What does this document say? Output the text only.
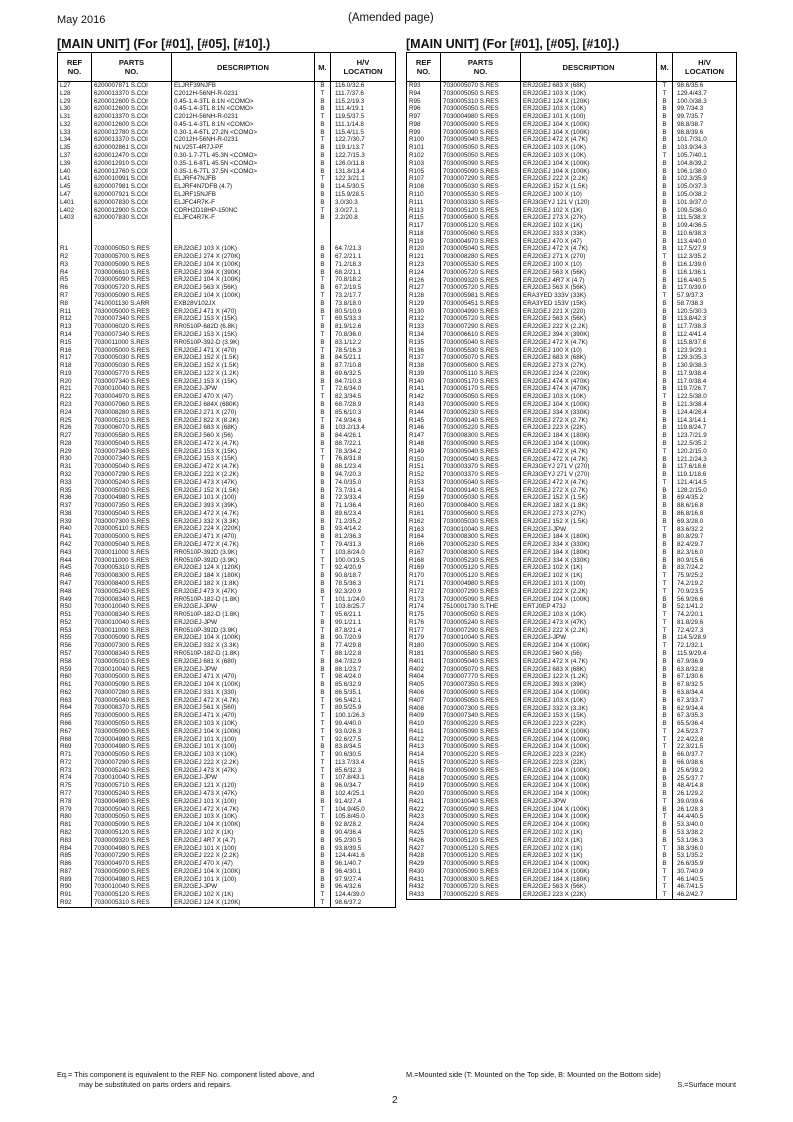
May 2016	(Amended page)
[MAIN UNIT] (For [#01], [#05], [#10].)	[MAIN UNIT] (For [#01], [#05], [#10].)
REF
NO.	PARTS
NO.	DESCRIPTION	M.	H/V
LOCATION
L27	6200007871 S.COI	ELJRF39NJFB	B	116.0/32.6
L28	6200013370 S.COI	C2012H-56NH-R-0231	T	111.7/37.6
L29	6200012600 S.COI	0.45-1.4-3TL 8.1N <COMO>	B	115.2/19.3
L30	6200012600 S.COI	0.45-1.4-3TL 8.1N <COMO>	B	111.4/19.1
L31	6200013370 S.COI	C2012H-56NH-R-0231	T	119.5/37.5
L32	6200012600 S.COI	0.45-1.4-3TL 8.1N <COMO>	B	111.1/14.8
L33	6200012780 S.COI	0.30-1.4-6TL 27.2N <COMO>	B	115.4/11.5
L34	6200013370 S.COI	C2012H-56NH-R-0231	T	122.7/30.7
L35	6200002861 S.COI	NLV25T-4R7J-PF	B	119.1/13.7
L37	6200012470 S.COI	0.30-1.7-7TL 45.3N <COMO>	B	122.7/15.3
L39	6200012910 S.COI	0.35-1.6-8TL 45.5N <COMO>	B	126.0/11.8
L40	6200012760 S.COI	0.35-1.6-7TL 37.5N <COMO>	B	131.8/13.4
L41	6200010991 S.COI	ELJRF47NJFB	T	122.3/21.1
L45	6200007981 S.COI	ELJRF4N7DFB (4.7)	B	114.5/30.5
L47	6200007921 S.COI	ELJRF15NJFB	B	115.9/28.5
L401	6200007830 S.COI	ELJFC4R7K-F	B	3.0/30.3
L402	6200012900 S.COI	CDRH2D18HP-150NC	T	3.0/27.1
L403	6200007830 S.COI	ELJFC4R7K-F	B	2.2/20.8

R1	7030005050 S.RES	ERJ2GEJ 103 X (10K)	B	64.7/21.3
R2	7030005700 S.RES	ERJ2GEJ 274 X (270K)	B	67.2/21.1
R3	7030005090 S.RES	ERJ2GEJ 104 X (100K)	B	71.2/18.3
R4	7030006610 S.RES	ERJ2GEJ 394 X (390K)	B	68.2/21.1
R5	7030005090 S.RES	ERJ2GEJ 104 X (100K)	T	70.8/18.2
R6	7030005720 S.RES	ERJ2GEJ 563 X (56K)	B	67.2/19.5
R7	7030005090 S.RES	ERJ2GEJ 104 X (100K)	T	73.2/17.7
R8	7410001130 S.ARR	EXB28V102JX	B	73.8/18.0
R11	7030005000 S.RES	ERJ2GEJ 471 X (470)	B	80.5/10.9
R12	7030007340 S.RES	ERJ2GEJ 153 X (15K)	T	69.5/33.3
R13	7030006020 S.RES	RR0510P-682D (6.8K)	B	81.9/12.6
R14	7030007340 S.RES	ERJ2GEJ 153 X (15K)	T	70.8/36.0
R15	7030011000 S.RES	RR0510P-392-D (3.9K)	B	83.1/12.2
R16	7030005000 S.RES	ERJ2GEJ 471 X (470)	T	78.5/16.3
R17	7030005030 S.RES	ERJ2GEJ 152 X (1.5K)	B	84.5/21.1
R18	7030005030 S.RES	ERJ2GEJ 152 X (1.5K)	B	87.7/10.8
R19	7030005770 S.RES	ERJ2GEJ 122 X (1.2K)	B	69.6/32.5
R20	7030007340 S.RES	ERJ2GEJ 153 X (15K)	B	84.7/10.3
R21	7030010040 S.RES	ERJ2GEJ-JPW	T	72.6/34.0
R22	7030004970 S.RES	ERJ2GEJ 470 X (47)	T	82.3/34.5
R23	7030007060 S.RES	ERJ2GEJ 684X (680K)	B	68.7/28.9
R24	7030008280 S.RES	ERJ2GEJ 271 X (270)	B	85.6/10.3
R25	7030005210 S.RES	ERJ2GEJ 822 X (8.2K)	T	74.9/34.6
R26	7030006070 S.RES	ERJ2GEJ 683 X (68K)	B	103.2/13.4
R27	7030005580 S.RES	ERJ2GEJ 560 X (56)	B	84.4/26.1
R28	7030005040 S.RES	ERJ2GEJ 472 X (4.7K)	B	88.7/22.1
R29	7030007340 S.RES	ERJ2GEJ 153 X (15K)	T	78.3/34.2
R30	7030007340 S.RES	ERJ2GEJ 153 X (15K)	T	76.8/31.8
R31	7030005040 S.RES	ERJ2GEJ 472 X (4.7K)	B	88.1/23.4
R32	7030007290 S.RES	ERJ2GEJ 222 X (2.2K)	B	94.7/20.3
R33	7030005240 S.RES	ERJ2GEJ 473 X (47K)	B	74.0/35.0
R35	7030005030 S.RES	ERJ2GEJ 152 X (1.5K)	B	73.7/31.4
R36	7030004980 S.RES	ERJ2GEJ 101 X (100)	B	72.3/33.4
R37	7030007350 S.RES	ERJ2GEJ 393 X (39K)	B	71.1/36.4
R38	7030005040 S.RES	ERJ2GEJ 472 X (4.7K)	B	89.6/23.4
R39	7030007300 S.RES	ERJ2GEJ 332 X (3.3K)	B	71.2/35.2
R40	7030005110 S.RES	ERJ2GEJ 224 X (220K)	B	93.4/14.2
R41	7030005000 S.RES	ERJ2GEJ 471 X (470)	B	81.2/36.3
R42	7030005040 S.RES	ERJ2GEJ 472 X (4.7K)	T	79.4/31.3
R43	7030011000 S.RES	RR0510P-392D (3.9K)	T	103.8/24.0
R44	7030011000 S.RES	RR0510P-392D (3.9K)	T	100.0/19.5
R45	7030005310 S.RES	ERJ2GEJ 124 X (120K)	T	92.4/20.9
R46	7030008300 S.RES	ERJ2GEJ 184 X (180K)	B	90.8/18.7
R47	7030008400 S.RES	ERJ2GEJ 182 X (1.8K)	B	78.5/36.3
R48	7030005240 S.RES	ERJ2GEJ 473 X (47K)	B	92.3/20.9
R49	7030008340 S.RES	RR0510P-182-D (1.8K)	T	101.1/24.0
R50	7030010040 S.RES	ERJ2GEJ-JPW	T	103.8/25.7
R51	7030008340 S.RES	RR0510P-182-D (1.8K)	T	95.6/21.1
R52	7030010040 S.RES	ERJ2GEJ-JPW	B	99.1/21.1
R53	7030011000 S.RES	RR0510P-392D (3.9K)	T	87.8/21.4
R55	7030005090 S.RES	ERJ2GEJ 104 X (100K)	B	90.7/20.9
R56	7030007300 S.RES	ERJ2GEJ 332 X (3.3K)	B	77.4/29.8
R57	7030008340 S.RES	RR0510P-182-D (1.8K)	T	88.1/22.8
R58	7030005010 S.RES	ERJ2GEJ 681 X (680)	B	84.7/32.9
R59	7030010040 S.RES	ERJ2GEJ-JPW	B	88.1/23.7
R60	7030005000 S.RES	ERJ2GEJ 471 X (470)	T	98.4/24.0
R61	7030005090 S.RES	ERJ2GEJ 104 X (100K)	B	85.6/32.9
R62	7030007280 S.RES	ERJ2GEJ 331 X (330)	B	86.5/35.1
R63	7030005040 S.RES	ERJ2GEJ 472 X (4.7K)	T	96.5/42.1
R64	7030008370 S.RES	ERJ2GEJ 561 X (560)	T	89.5/25.9
R65	7030005000 S.RES	ERJ2GEJ 471 X (470)	T	100.1/26.3
R66	7030005050 S.RES	ERJ2GEJ 103 X (10K)	T	99.4/40.0
R67	7030005090 S.RES	ERJ2GEJ 104 X (100K)	T	93.0/26.3
R68	7030004980 S.RES	ERJ2GEJ 101 X (100)	T	92.6/27.5
R69	7030004980 S.RES	ERJ2GEJ 101 X (100)	B	83.8/34.5
R71	7030005050 S.RES	ERJ2GEJ 103 X (10K)	T	90.6/30.5
R72	7030007290 S.RES	ERJ2GEJ 222 X (2.2K)	T	113.7/33.4
R73	7030005240 S.RES	ERJ2GEJ 473 X (47K)	T	85.6/32.3
R74	7030010040 S.RES	ERJ2GEJ-JPW	T	107.8/43.1
R75	7030005710 S.RES	ERJ2GEJ 121 X (120)	B	96.0/34.7
R77	7030005240 S.RES	ERJ2GEJ 473 X (47K)	B	102.4/25.1
R78	7030004980 S.RES	ERJ2GEJ 101 X (100)	B	91.4/27.4
R79	7030005040 S.RES	ERJ2GEJ 472 X (4.7K)	T	104.9/45.0
R80	7030005050 S.RES	ERJ2GEJ 103 X (10K)	T	105.8/45.0
R81	7030005090 S.RES	ERJ2GEJ 104 X (100K)	B	92.8/28.2
R82	7030005120 S.RES	ERJ2GEJ 102 X (1K)	B	90.4/36.4
R83	7030009320 S.RES	ERJ2GEJ 4R7 X (4.7)	B	95.2/30.5
R84	7030004980 S.RES	ERJ2GEJ 101 X (100)	B	93.8/39.5
R85	7030007290 S.RES	ERJ2GEJ 222 X (2.2K)	B	124.4/41.6
R86	7030004970 S.RES	ERJ2GEJ 470 X (47)	B	96.1/40.7
R87	7030005090 S.RES	ERJ2GEJ 104 X (100K)	B	96.4/30.1
R89	7030004980 S.RES	ERJ2GEJ 101 X (100)	B	97.9/27.4
R90	7030010040 S.RES	ERJ2GEJ-JPW	B	96.4/32.6
R91	7030005120 S.RES	ERJ2GEJ 102 X (1K)	T	124.4/39.0
R92	7030005310 S.RES	ERJ2GEJ 124 X (120K)	T	98.6/37.2
REF
NO.	PARTS
NO.	DESCRIPTION	M.	H/V
LOCATION
R93	7030005070 S.RES	ERJ2GEJ 683 X (68K)	T	98.6/35.6
R94	7030005050 S.RES	ERJ2GEJ 103 X (10K)	T	129.4/43.7
R95	7030005310 S.RES	ERJ2GEJ 124 X (120K)	B	100.0/38.3
R96	7030005050 S.RES	ERJ2GEJ 103 X (10K)	B	99.7/34.3
R97	7030004980 S.RES	ERJ2GEJ 101 X (100)	B	99.7/35.7
R98	7030005090 S.RES	ERJ2GEJ 104 X (100K)	B	98.8/38.7
R99	7030005090 S.RES	ERJ2GEJ 104 X (100K)	B	98.8/39.6
R100	7030005040 S.RES	ERJ2GEJ 472 X (4.7K)	B	101.7/31.0
R101	7030005050 S.RES	ERJ2GEJ 103 X (10K)	B	103.9/34.3
R102	7030005050 S.RES	ERJ2GEJ 103 X (10K)	T	105.7/40.1
R103	7030005090 S.RES	ERJ2GEJ 104 X (100K)	B	104.8/39.2
R105	7030005090 S.RES	ERJ2GEJ 104 X (100K)	B	106.1/38.0
R107	7030007290 S.RES	ERJ2GEJ 222 X (2.2K)	B	102.3/35.9
R108	7030005030 S.RES	ERJ2GEJ 152 X (1.5K)	B	105.0/37.3
R110	7030005530 S.RES	ERJ2GEJ 100 X (10)	B	105.0/38.2
R111	7030003330 S.RES	ERJ3GEYJ 121 V (120)	B	101.9/37.0
R113	7030005120 S.RES	ERJ2GEJ 102 X (1K)	B	109.5/36.0
R115	7030005600 S.RES	ERJ2GEJ 273 X (27K)	B	111.5/38.3
R117	7030005120 S.RES	ERJ2GEJ 102 X (1K)	B	109.4/36.5
R118	7030005060 S.RES	ERJ2GEJ 333 X (33K)	B	110.6/38.3
R119	7030004970 S.RES	ERJ2GEJ 470 X (47)	B	113.4/40.0
R120	7030005040 S.RES	ERJ2GEJ 472 X (4.7K)	B	117.5/27.9
R121	7030008280 S.RES	ERJ2GEJ 271 X (270)	T	112.3/35.2
R123	7030005530 S.RES	ERJ2GEJ 100 X (10)	B	116.1/39.0
R124	7030005720 S.RES	ERJ2GEJ 563 X (56K)	B	116.1/36.1
R126	7030009320 S.RES	ERJ2GEJ 4R7 X (4.7)	B	116.4/40.5
R127	7030005720 S.RES	ERJ2GEJ 563 X (56K)	B	117.0/39.0
R128	7030005981 S.RES	ERA3YED 333V (33K)	T	57.9/37.3
R129	7030005451 S.RES	ERA3YED 153V (15K)	B	58.7/38.3
R130	7030004990 S.RES	ERJ2GEJ 221 X (220)	B	120.5/30.3
R132	7030005720 S.RES	ERJ2GEJ 563 X (56K)	B	113.8/42.3
R133	7030007290 S.RES	ERJ2GEJ 222 X (2.2K)	B	117.7/38.3
R134	7030006610 S.RES	ERJ2GEJ 394 X (390K)	B	112.4/41.4
R135	7030005040 S.RES	ERJ2GEJ 472 X (4.7K)	B	115.8/37.6
R136	7030005530 S.RES	ERJ2GEJ 100 X (10)	B	123.9/29.1
R137	7030005070 S.RES	ERJ2GEJ 683 X (68K)	B	129.3/35.3
R138	7030005600 S.RES	ERJ2GEJ 273 X (27K)	B	130.9/38.3
R139	7030005110 S.RES	ERJ2GEJ 224 X (220K)	B	117.9/38.4
R140	7030005170 S.RES	ERJ2GEJ 474 X (470K)	B	117.0/38.4
R141	7030005170 S.RES	ERJ2GEJ 474 X (470K)	B	119.7/26.7
R142	7030005050 S.RES	ERJ2GEJ 103 X (10K)	T	122.5/38.0
R143	7030005090 S.RES	ERJ2GEJ 104 X (100K)	B	121.3/38.4
R144	7030005230 S.RES	ERJ2GEJ 334 X (330K)	B	124.4/26.4
R145	7030009140 S.RES	ERJ2GEJ 272 X (2.7K)	B	114.3/14.1
R146	7030005220 S.RES	ERJ2GEJ 223 X (22K)	B	119.8/24.7
R147	7030008300 S.RES	ERJ2GEJ 184 X (180K)	B	123.7/21.9
R148	7030005090 S.RES	ERJ2GEJ 104 X (100K)	B	122.5/35.2
R149	7030005040 S.RES	ERJ2GEJ 472 X (4.7K)	T	120.2/15.0
R150	7030005040 S.RES	ERJ2GEJ 472 X (4.7K)	B	121.2/24.3
R151	7030003370 S.RES	ERJ3GEYJ 271 V (270)	B	117.6/18.6
R152	7030003370 S.RES	ERJ3GEYJ 271 V (270)	B	119.1/18.6
R153	7030005040 S.RES	ERJ2GEJ 472 X (4.7K)	T	121.4/14.5
R154	7030009140 S.RES	ERJ2GEJ 272 X (2.7K)	B	128.2/15.0
R159	7030005030 S.RES	ERJ2GEJ 152 X (1.5K)	B	69.4/35.2
R160	7030008400 S.RES	ERJ2GEJ 182 X (1.8K)	B	88.6/16.8
R161	7030005600 S.RES	ERJ2GEJ 273 X (27K)	B	86.8/16.8
R162	7030005030 S.RES	ERJ2GEJ 152 X (1.5K)	B	69.3/28.0
R163	7030010040 S.RES	ERJ2GEJ-JPW	T	83.6/32.2
R164	7030008300 S.RES	ERJ2GEJ 184 X (180K)	B	80.8/29.7
R166	7030005230 S.RES	ERJ2GEJ 334 X (330K)	B	82.4/29.7
R167	7030008300 S.RES	ERJ2GEJ 184 X (180K)	B	82.3/16.0
R168	7030005230 S.RES	ERJ2GEJ 334 X (330K)	B	80.9/15.6
R169	7030005120 S.RES	ERJ2GEJ 102 X (1K)	B	83.7/24.2
R170	7030005120 S.RES	ERJ2GEJ 102 X (1K)	T	75.9/25.2
R171	7030004980 S.RES	ERJ2GEJ 101 X (100)	T	74.2/19.2
R172	7030007290 S.RES	ERJ2GEJ 222 X (2.2K)	T	70.9/23.5
R173	7030005090 S.RES	ERJ2GEJ 104 X (100K)	B	56.9/26.6
R174	7510001730 S.THE	ERTJ0EP 473J	B	52.1/41.2
R175	7030005050 S.RES	ERJ2GEJ 103 X (10K)	T	74.2/20.1
R176	7030005240 S.RES	ERJ2GEJ 473 X (47K)	T	81.8/29.6
R177	7030007290 S.RES	ERJ2GEJ 222 X (2.2K)	T	72.4/27.3
R179	7030010040 S.RES	ERJ2GEJ-JPW	B	114.5/28.9
R180	7030005090 S.RES	ERJ2GEJ 104 X (100K)	T	72.1/32.1
R181	7030005580 S.RES	ERJ2GEJ 560 X (56)	B	115.9/29.4
R401	7030005040 S.RES	ERJ2GEJ 472 X (4.7K)	B	67.9/36.9
R402	7030005070 S.RES	ERJ2GEJ 683 X (68K)	B	63.8/32.8
R404	7030007770 S.RES	ERJ2GEJ 122 X (1.2K)	B	67.1/30.6
R405	7030007350 S.RES	ERJ2GEJ 393 X (39K)	B	67.8/32.5
R406	7030005090 S.RES	ERJ2GEJ 104 X (100K)	B	63.8/34.4
R407	7030005050 S.RES	ERJ2GEJ 103 X (10K)	B	67.3/33.7
R408	7030007300 S.RES	ERJ2GEJ 332 X (3.3K)	B	62.9/34.4
R409	7030007340 S.RES	ERJ2GEJ 153 X (15K)	B	67.3/35.3
R410	7030005220 S.RES	ERJ2GEJ 223 X (22K)	B	65.5/36.4
R411	7030005090 S.RES	ERJ2GEJ 104 X (100K)	T	24.5/23.7
R412	7030005090 S.RES	ERJ2GEJ 104 X (100K)	T	22.4/22.8
R413	7030005090 S.RES	ERJ2GEJ 104 X (100K)	T	22.3/21.5
R414	7030005220 S.RES	ERJ2GEJ 223 X (22K)	B	66.0/37.7
R415	7030005220 S.RES	ERJ2GEJ 223 X (22K)	B	66.0/38.6
R416	7030005090 S.RES	ERJ2GEJ 104 X (100K)	B	25.6/39.2
R418	7030005090 S.RES	ERJ2GEJ 104 X (100K)	B	25.5/37.7
R419	7030005090 S.RES	ERJ2GEJ 104 X (100K)	B	48.4/14.8
R420	7030005090 S.RES	ERJ2GEJ 104 X (100K)	B	26.1/29.2
R421	7030010040 S.RES	ERJ2GEJ-JPW	T	39.0/39.6
R422	7030005090 S.RES	ERJ2GEJ 104 X (100K)	B	26.1/28.3
R423	7030005090 S.RES	ERJ2GEJ 104 X (100K)	T	44.4/40.5
R424	7030005090 S.RES	ERJ2GEJ 104 X (100K)	B	53.3/40.0
R425	7030005120 S.RES	ERJ2GEJ 102 X (1K)	B	53.3/38.2
R426	7030005120 S.RES	ERJ2GEJ 102 X (1K)	B	53.1/36.3
R427	7030005120 S.RES	ERJ2GEJ 102 X (1K)	T	38.3/36.0
R428	7030005120 S.RES	ERJ2GEJ 102 X (1K)	B	53.1/35.2
R429	7030005090 S.RES	ERJ2GEJ 104 X (100K)	B	26.6/35.9
R430	7030005090 S.RES	ERJ2GEJ 104 X (100K)	T	30.7/40.9
R431	7030008300 S.RES	ERJ2GEJ 184 X (180K)	T	46.1/40.5
R432	7030005720 S.RES	ERJ2GEJ 563 X (56K)	T	46.7/41.5
R433	7030005220 S.RES	ERJ2GEJ 223 X (22K)	T	46.2/42.7
Eq.= This component is equivalent to the REF No. component listed above, and
may be substituted on parts orders and repairs.
M.=Mounted side (T: Mounted on the Top side, B: Mounted on the Bottom side)
S.=Surface mount
2
